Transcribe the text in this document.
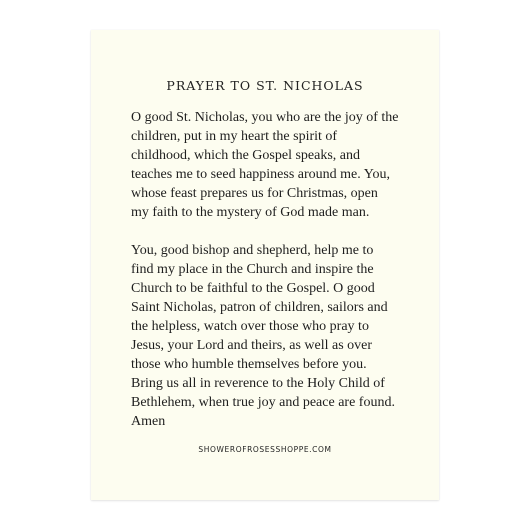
PRAYER TO ST. NICHOLAS

O good St. Nicholas, you who are the joy of the
children, put in my heart the spirit of
childhood, which the Gospel speaks, and
teaches me to seed happiness around me. You,
whose feast prepares us for Christmas, open
my faith to the mystery of God made man.

You, good bishop and shepherd, help me to
find my place in the Church and inspire the
Church to be faithful to the Gospel. O good
Saint Nicholas, patron of children, sailors and
the helpless, watch over those who pray to
Jesus, your Lord and theirs, as well as over
those who humble themselves before you.
Bring us all in reverence to the Holy Child of
Bethlehem, when true joy and peace are found.
Amen

SHOWEROFROSESSHOPPE.COM
